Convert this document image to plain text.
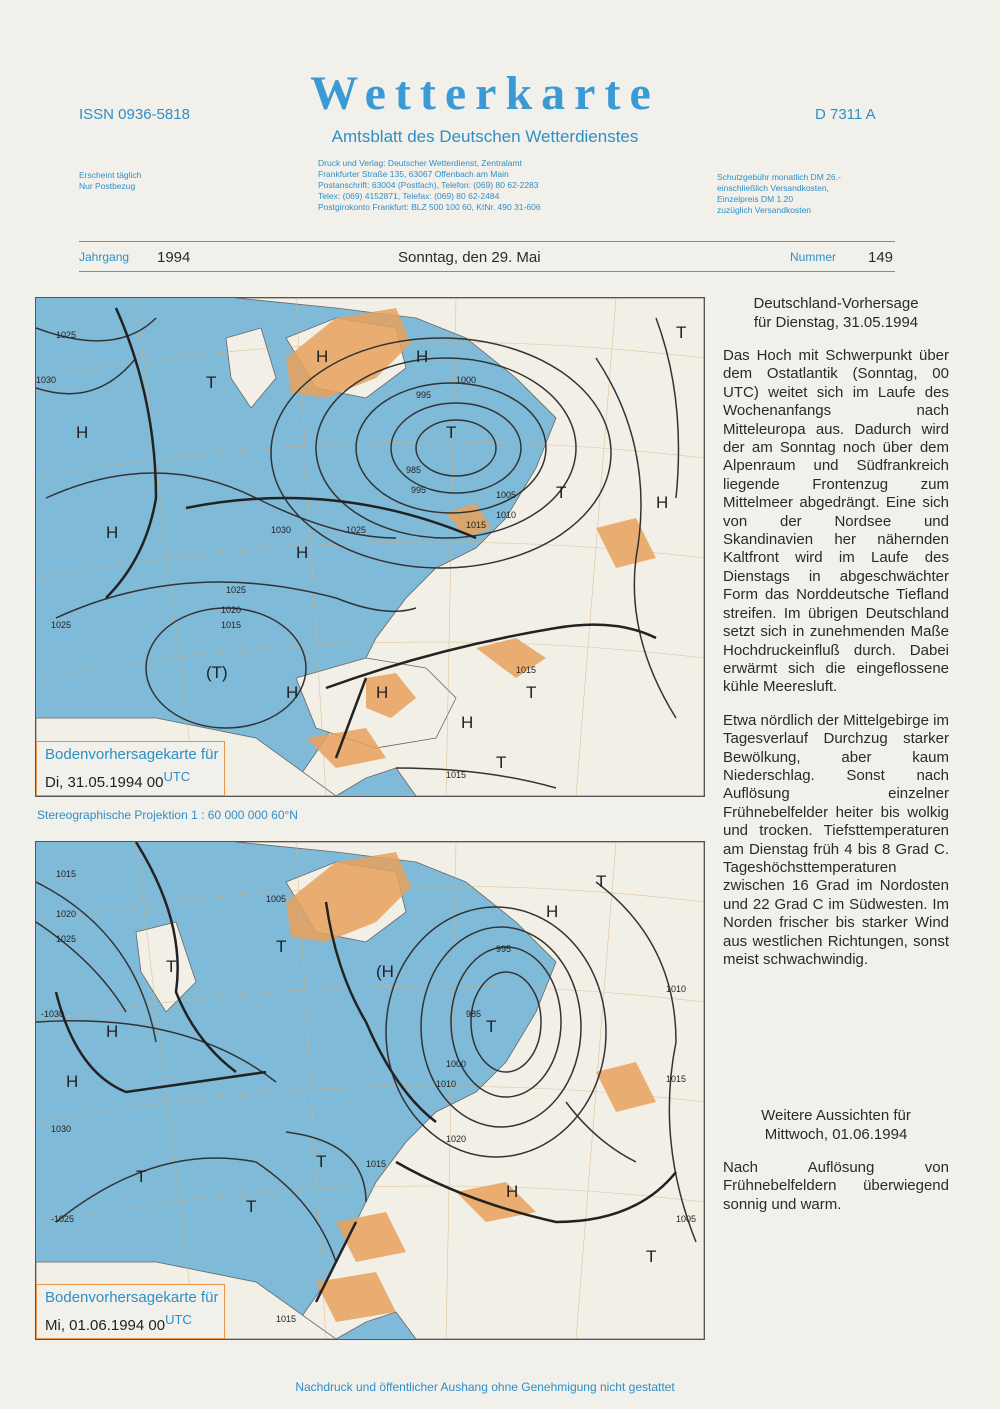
ISSN 0936-5818	Wetterkarte
Amtsblatt des Deutschen Wetterdienstes
D 7311 A
Erscheint täglich
Nur Postbezug
Druck und Verlag: Deutscher Wetterdienst, Zentralamt
Frankfurter Straße 135, 63067 Offenbach am Main
Postanschrift: 63004 (Postfach), Telefon: (069) 80 62-2283
Telex: (069) 4152871, Telefax: (069) 80 62-2484
Postgirokonto Frankfurt: BLZ 500 100 60, KtNr. 490 31-606
Schutzgebühr monatlich DM 26.-
einschließlich Versandkosten,
Einzelpreis DM 1.20
zuzüglich Versandkosten
Jahrgang 1994	Sonntag, den 29. Mai	Nummer 149
H
H
H
H	H
T
T
T
H
(T)
H	H
H
T
T
T
1030
1025
1030
1025
1020
1015
1025
1025
1000
995
985
995	1005
1010
1015
1015
1015
Bodenvorhersagekarte für
Di, 31.05.1994 00UTC
Stereographische Projektion 1 : 60 000 000 60°N
H
H
T
(H
T
T
H
T
T
T
T
H
T
1015
1020
1025
-1030
1030
-1025
1005
995
985
1000
1010
1020
1015
1010
1015
1015
1005
Bodenvorhersagekarte für
Mi, 01.06.1994 00UTC
Deutschland-Vorhersage
für Dienstag, 31.05.1994

Das Hoch mit Schwerpunkt über dem Ostatlantik (Sonntag, 00 UTC) weitet sich im Laufe des Wochenanfangs nach Mitteleuropa aus. Dadurch wird der am Sonntag noch über dem Alpenraum und Südfrankreich liegende Frontenzug zum Mittelmeer abgedrängt. Eine sich von der Nordsee und Skandinavien her nähernden Kaltfront wird im Laufe des Dienstags in abgeschwächter Form das Norddeutsche Tiefland streifen. Im übrigen Deutschland setzt sich in zunehmenden Maße Hochdruckeinfluß durch. Dabei erwärmt sich die eingeflossene kühle Meeresluft.

Etwa nördlich der Mittelgebirge im Tagesverlauf Durchzug starker Bewölkung, aber kaum Niederschlag. Sonst nach Auflösung einzelner Frühnebelfelder heiter bis wolkig und trocken. Tiefsttemperaturen am Dienstag früh 4 bis 8 Grad C. Tageshöchsttemperaturen zwischen 16 Grad im Nordosten und 22 Grad C im Südwesten. Im Norden frischer bis starker Wind aus westlichen Richtungen, sonst meist schwachwindig.

Weitere Aussichten für
Mittwoch, 01.06.1994

Nach Auflösung von Frühnebelfeldern überwiegend sonnig und warm.

Nachdruck und öffentlicher Aushang ohne Genehmigung nicht gestattet
